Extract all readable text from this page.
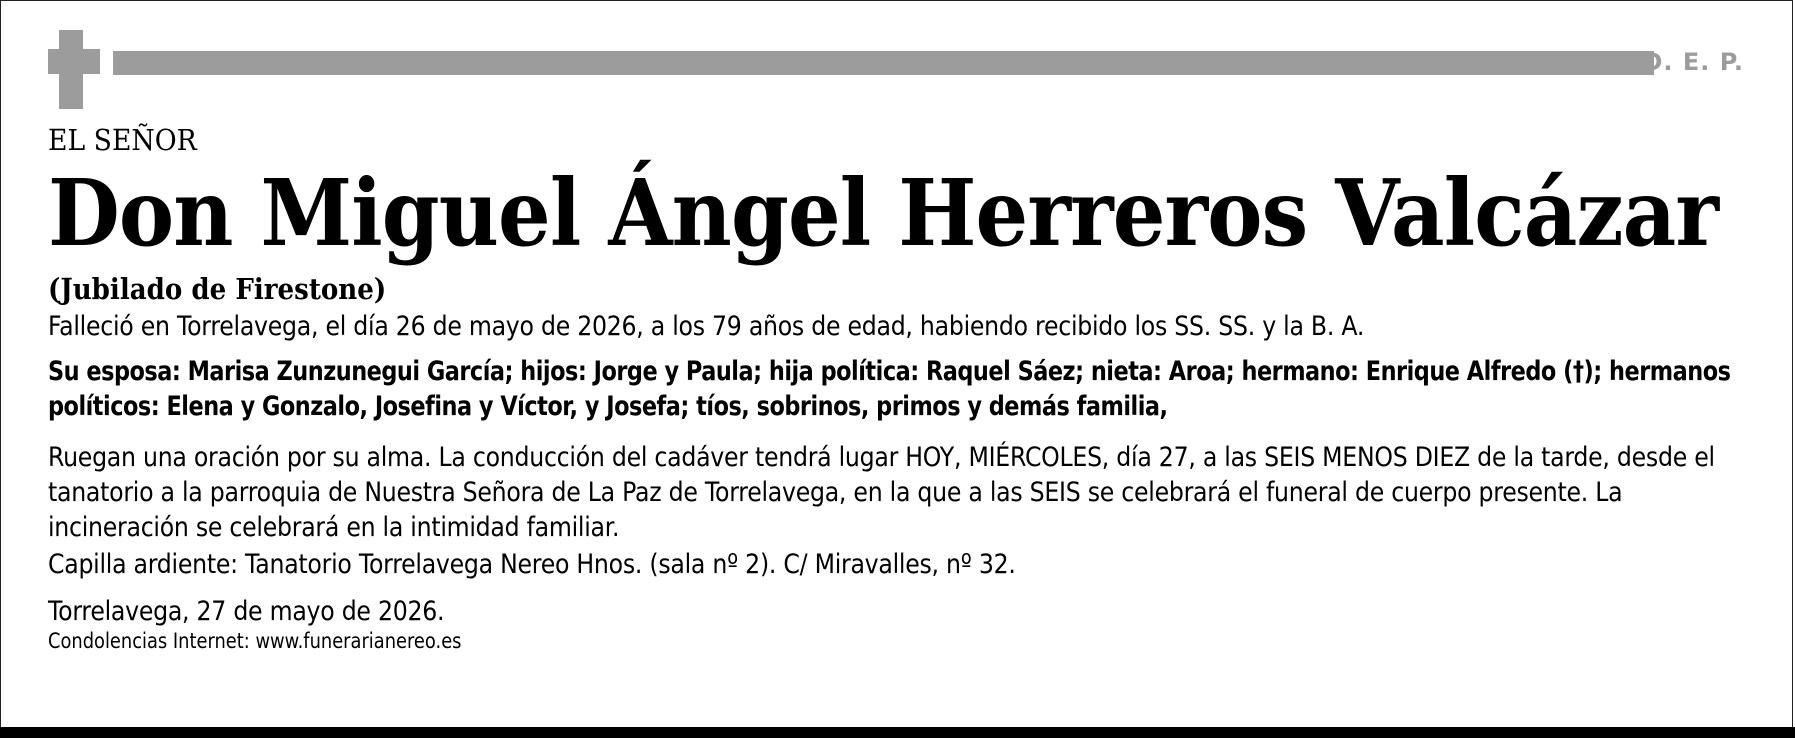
D. E. P.

EL SEÑOR

Don Miguel Ángel Herreros Valcázar

(Jubilado de Firestone)

Falleció en Torrelavega, el día 26 de mayo de 2026, a los 79 años de edad, habiendo recibido los SS. SS. y la B. A.

Su esposa: Marisa Zunzunegui García; hijos: Jorge y Paula; hija política: Raquel Sáez; nieta: Aroa; hermano: Enrique Alfredo (†); hermanos políticos: Elena y Gonzalo, Josefina y Víctor, y Josefa; tíos, sobrinos, primos y demás familia,

Ruegan una oración por su alma. La conducción del cadáver tendrá lugar HOY, MIÉRCOLES, día 27, a las SEIS MENOS DIEZ de la tarde, desde el tanatorio a la parroquia de Nuestra Señora de La Paz de Torrelavega, en la que a las SEIS se celebrará el funeral de cuerpo presente. La incineración se celebrará en la intimidad familiar.

Capilla ardiente: Tanatorio Torrelavega Nereo Hnos. (sala nº 2). C/ Miravalles, nº 32.

Torrelavega, 27 de mayo de 2026.

Condolencias Internet: www.funerarianereo.es
